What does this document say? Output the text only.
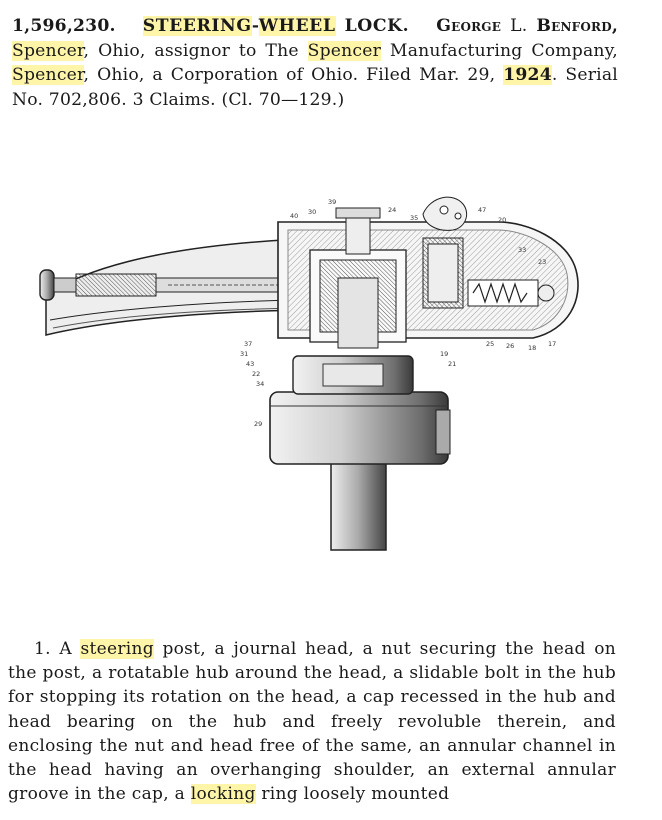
1,596,230. STEERING-WHEEL LOCK. George L. Benford, Spencer, Ohio, assignor to The Spencer Manufacturing Company, Spencer, Ohio, a Corporation of Ohio. Filed Mar. 29, 1924. Serial No. 702,806. 3 Claims. (Cl. 70—129.)
40 30
39
24
35
47
20
33
23
25 26 18 17
37
31
43
22
34
29
19
21
1. A steering post, a journal head, a nut securing the head on the post, a rotatable hub around the head, a slidable bolt in the hub for stopping its rotation on the head, a cap recessed in the hub and head bearing on the hub and freely revoluble therein, and enclosing the nut and head free of the same, an annular channel in the head having an overhanging shoulder, an external annular groove in the cap, a locking ring loosely mounted
